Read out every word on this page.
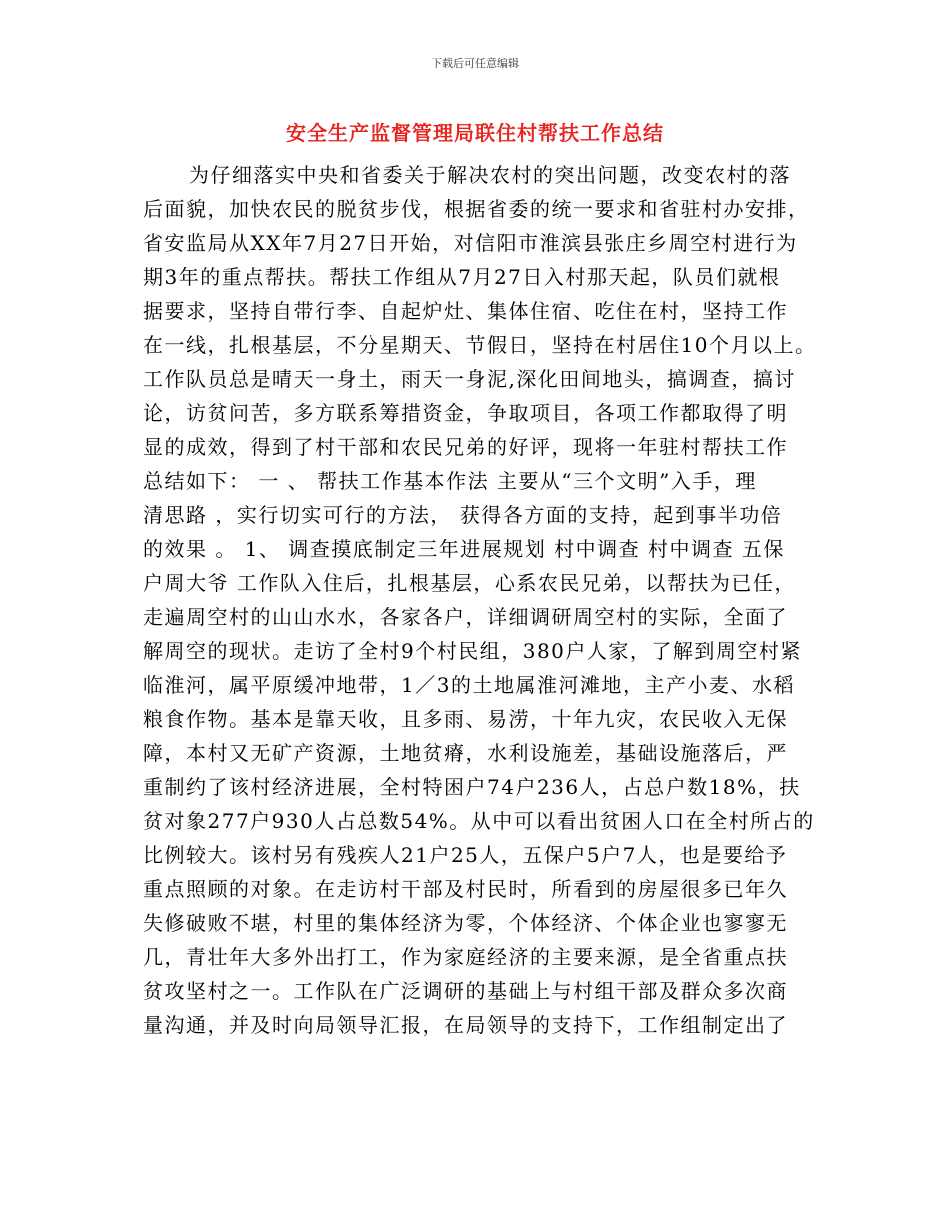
下载后可任意编辑
安全生产监督管理局联住村帮扶工作总结
为仔细落实中央和省委关于解决农村的突出问题，改变农村的落
后面貌，加快农民的脱贫步伐，根据省委的统一要求和省驻村办安排，
省安监局从XX年7月27日开始，对信阳市淮滨县张庄乡周空村进行为
期3年的重点帮扶。帮扶工作组从7月27日入村那天起，队员们就根
据要求，坚持自带行李、自起炉灶、集体住宿、吃住在村，坚持工作
在一线，扎根基层，不分星期天、节假日，坚持在村居住10个月以上。
工作队员总是晴天一身土，雨天一身泥,深化田间地头，搞调查，搞讨
论，访贫问苦，多方联系筹措资金，争取项目，各项工作都取得了明
显的成效，得到了村干部和农民兄弟的好评，现将一年驻村帮扶工作
总结如下： 一 、 帮扶工作基本作法 主要从“三个文明”入手，理
清思路 ，实行切实可行的方法， 获得各方面的支持，起到事半功倍
的效果 。 1、 调查摸底制定三年进展规划 村中调查 村中调查 五保
户周大爷 工作队入住后，扎根基层，心系农民兄弟，以帮扶为已任，
走遍周空村的山山水水，各家各户，详细调研周空村的实际，全面了
解周空的现状。走访了全村9个村民组，380户人家，了解到周空村紧
临淮河，属平原缓冲地带，1／3的土地属淮河滩地，主产小麦、水稻
粮食作物。基本是靠天收，且多雨、易涝，十年九灾，农民收入无保
障，本村又无矿产资源，土地贫瘠，水利设施差，基础设施落后，严
重制约了该村经济进展，全村特困户74户236人，占总户数18%，扶
贫对象277户930人占总数54%。从中可以看出贫困人口在全村所占的
比例较大。该村另有残疾人21户25人，五保户5户7人，也是要给予
重点照顾的对象。在走访村干部及村民时，所看到的房屋很多已年久
失修破败不堪，村里的集体经济为零，个体经济、个体企业也寥寥无
几，青壮年大多外出打工，作为家庭经济的主要来源，是全省重点扶
贫攻坚村之一。工作队在广泛调研的基础上与村组干部及群众多次商
量沟通，并及时向局领导汇报，在局领导的支持下，工作组制定出了
